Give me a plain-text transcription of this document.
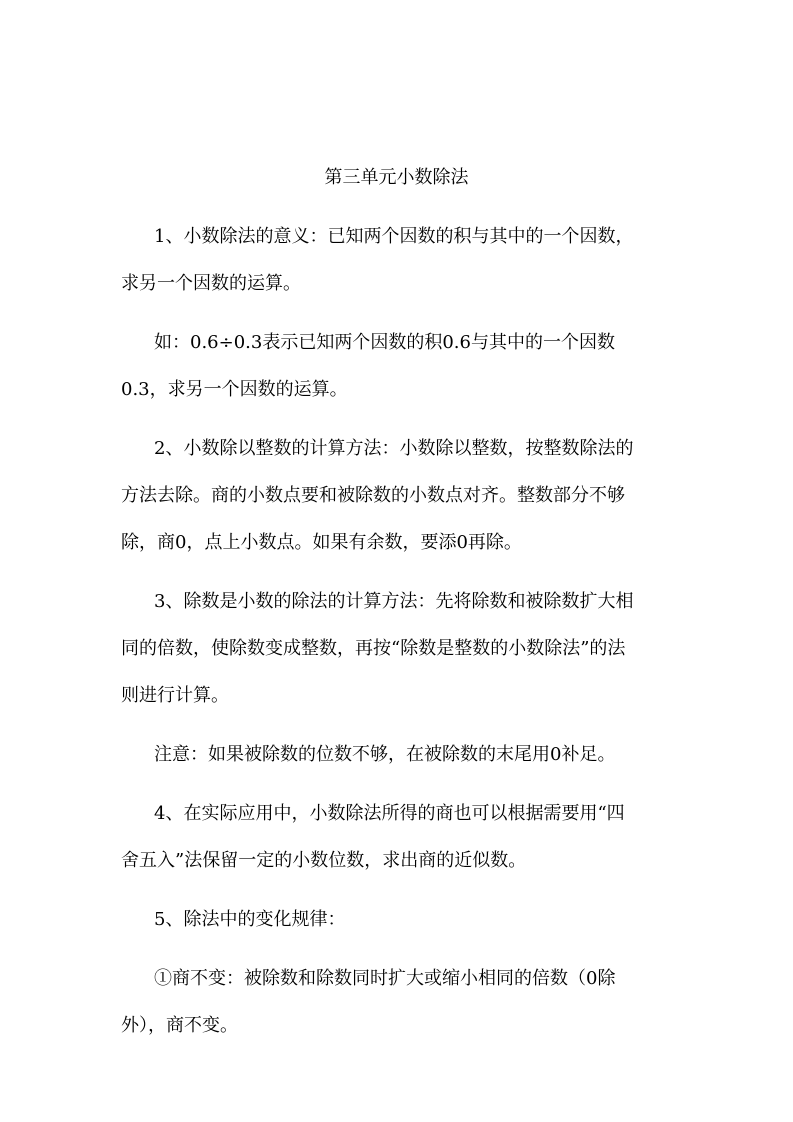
第三单元小数除法
1、小数除法的意义：已知两个因数的积与其中的一个因数，
求另一个因数的运算。
如：0.6÷0.3表示已知两个因数的积0.6与其中的一个因数
0.3，求另一个因数的运算。
2、小数除以整数的计算方法：小数除以整数，按整数除法的
方法去除。商的小数点要和被除数的小数点对齐。整数部分不够
除，商0，点上小数点。如果有余数，要添0再除。
3、除数是小数的除法的计算方法：先将除数和被除数扩大相
同的倍数，使除数变成整数，再按“除数是整数的小数除法”的法
则进行计算。
注意：如果被除数的位数不够，在被除数的末尾用0补足。
4、在实际应用中，小数除法所得的商也可以根据需要用“四
舍五入”法保留一定的小数位数，求出商的近似数。
5、除法中的变化规律：
①商不变：被除数和除数同时扩大或缩小相同的倍数（0除
外），商不变。
